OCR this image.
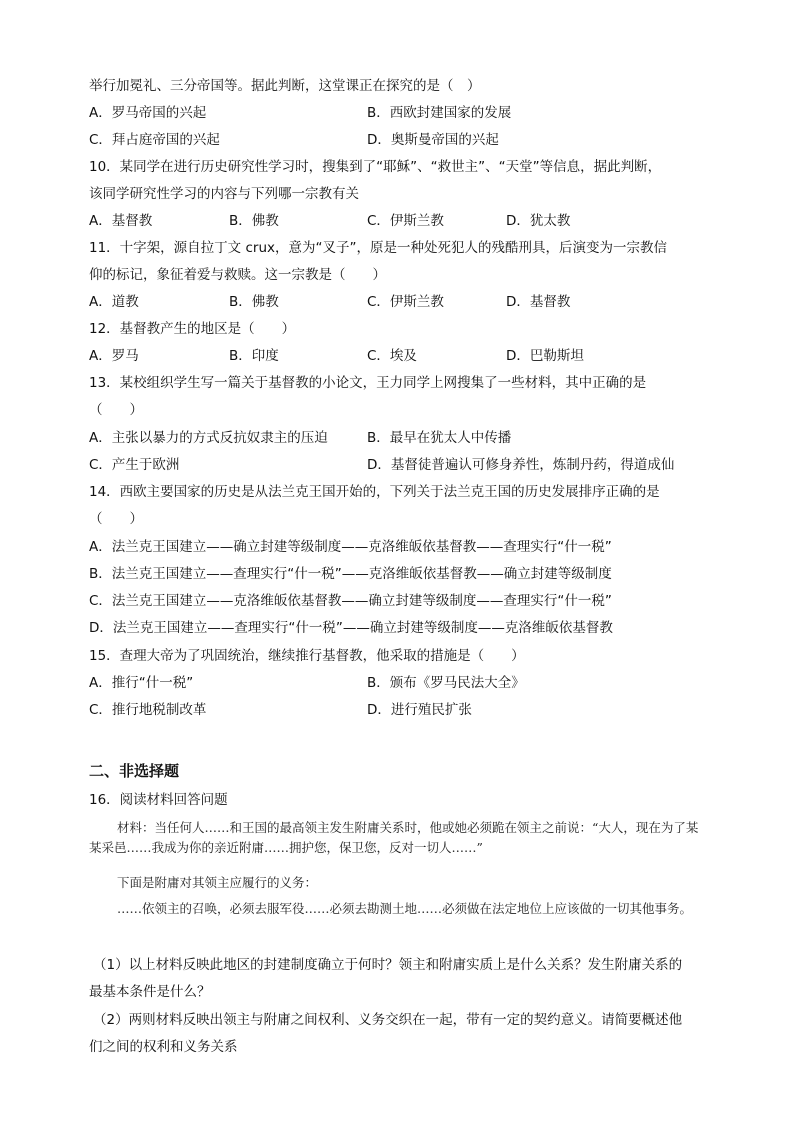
举行加冕礼、三分帝国等。据此判断，这堂课正在探究的是（　）
A．罗马帝国的兴起	B．西欧封建国家的发展
C．拜占庭帝国的兴起	D．奥斯曼帝国的兴起
10．某同学在进行历史研究性学习时，搜集到了“耶稣”、“救世主”、“天堂”等信息，据此判断，
该同学研究性学习的内容与下列哪一宗教有关
A．基督教	B．佛教	C．伊斯兰教	D．犹太教
11．十字架，源自拉丁文 crux，意为“叉子”，原是一种处死犯人的残酷刑具，后演变为一宗教信
仰的标记，象征着爱与救赎。这一宗教是（　　）
A．道教	B．佛教	C．伊斯兰教	D．基督教
12．基督教产生的地区是（　　）
A．罗马	B．印度	C．埃及	D．巴勒斯坦
13．某校组织学生写一篇关于基督教的小论文，王力同学上网搜集了一些材料，其中正确的是
（　　）
A．主张以暴力的方式反抗奴隶主的压迫	B．最早在犹太人中传播
C．产生于欧洲	D．基督徒普遍认可修身养性，炼制丹药，得道成仙
14．西欧主要国家的历史是从法兰克王国开始的，下列关于法兰克王国的历史发展排序正确的是
（　　）
A．法兰克王国建立——确立封建等级制度——克洛维皈依基督教——查理实行“什一税”
B．法兰克王国建立——查理实行“什一税”——克洛维皈依基督教——确立封建等级制度
C．法兰克王国建立——克洛维皈依基督教——确立封建等级制度——查理实行“什一税”
D．法兰克王国建立——查理实行“什一税”——确立封建等级制度——克洛维皈依基督教
15．查理大帝为了巩固统治，继续推行基督教，他采取的措施是（　　）
A．推行“什一税”	B．颁布《罗马民法大全》
C．推行地税制改革	D．进行殖民扩张
二、非选择题
16．阅读材料回答问题
材料：当任何人……和王国的最高领主发生附庸关系时，他或她必须跪在领主之前说：“大人，现在为了某某采邑……我成为你的亲近附庸……拥护您，保卫您，反对一切人……”
下面是附庸对其领主应履行的义务：
……依领主的召唤，必须去服军役……必须去勘测土地……必须做在法定地位上应该做的一切其他事务。
（1）以上材料反映此地区的封建制度确立于何时？领主和附庸实质上是什么关系？发生附庸关系的
最基本条件是什么？
（2）两则材料反映出领主与附庸之间权利、义务交织在一起，带有一定的契约意义。请简要概述他
们之间的权利和义务关系
